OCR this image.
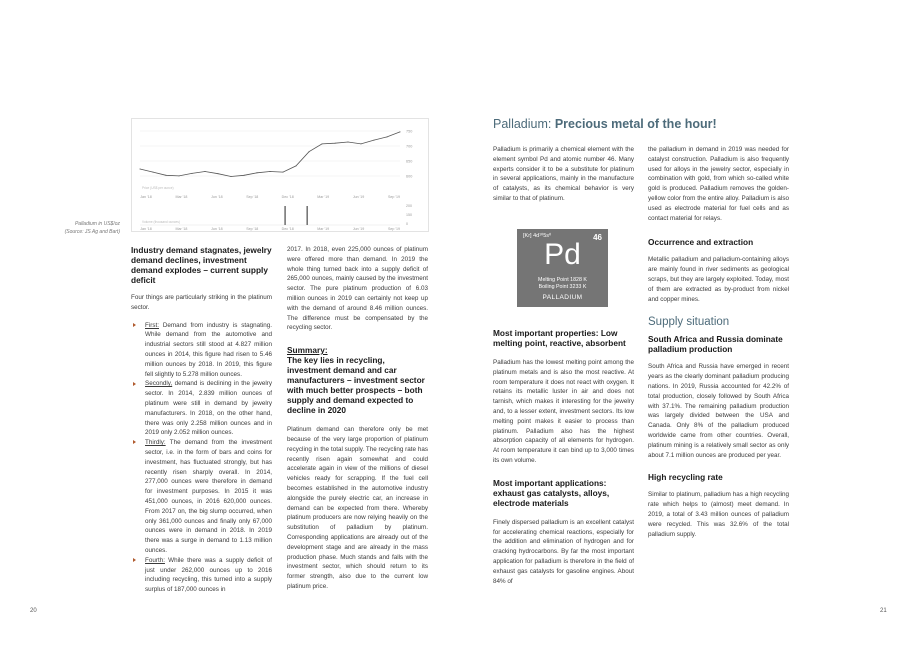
750
700
650
600
Jan '18	Mar '18	Jun '18	Sep '18	Dec '18	Mar '19	Jun '19	Sep '19
Price (US$ per ounce)
200
150
0
Jan '18	Mar '18	Jun '18	Sep '18	Dec '18	Mar '19	Jun '19	Sep '19
Volume (thousand ounces)
Palladium in US$/oz
(Source: JS Ag and Bart)
Industry demand stagnates, jewelry demand declines, investment demand explodes – current supply deficit
Four things are particularly striking in the platinum sector.
First: Demand from industry is stagnating. While demand from the automotive and industrial sectors still stood at 4.827 million ounces in 2014, this figure had risen to 5.46 million ounces by 2018. In 2019, this figure fell slightly to 5.278 million ounces.
Secondly, demand is declining in the jewelry sector. In 2014, 2.839 million ounces of platinum were still in demand by jewelry manufacturers. In 2018, on the other hand, there was only 2.258 million ounces and in 2019 only 2.052 million ounces.
Thirdly: The demand from the investment sector, i.e. in the form of bars and coins for investment, has fluctuated strongly, but has recently risen sharply overall. In 2014, 277,000 ounces were therefore in demand for investment purposes. In 2015 it was 451,000 ounces, in 2016 620,000 ounces. From 2017 on, the big slump occurred, when only 361,000 ounces and finally only 67,000 ounces were in demand in 2018. In 2019 there was a surge in demand to 1.13 million ounces.
Fourth: While there was a supply deficit of just under 262,000 ounces up to 2016 including recycling, this turned into a supply surplus of 187,000 ounces in
2017. In 2018, even 225,000 ounces of platinum were offered more than demand. In 2019 the whole thing turned back into a supply deficit of 265,000 ounces, mainly caused by the investment sector. The pure platinum production of 6.03 million ounces in 2019 can certainly not keep up with the demand of around 8.46 million ounces. The difference must be compensated by the recycling sector.
Summary:
The key lies in recycling, investment demand and car manufacturers – investment sector with much better prospects – both supply and demand expected to decline in 2020
Platinum demand can therefore only be met because of the very large proportion of platinum recycling in the total supply. The recycling rate has recently risen again somewhat and could accelerate again in view of the millions of diesel vehicles ready for scrapping. If the fuel cell becomes established in the automotive industry alongside the purely electric car, an increase in demand can be expected from there. Whereby platinum producers are now relying heavily on the substitution of palladium by platinum. Corresponding applications are already out of the development stage and are already in the mass production phase. Much stands and falls with the investment sector, which should return to its former strength, also due to the current low platinum price.
20
Palladium: Precious metal of the hour!
Palladium is primarily a chemical element with the element symbol Pd and atomic number 46. Many experts consider it to be a substitute for platinum in several applications, mainly in the manufacture of catalysts, as its chemical behavior is very similar to that of platinum.
[Kr] 4d¹⁰5s⁰	46
Pd
Melting Point 1828 K
Boiling Point 3233 K
PALLADIUM
Most important properties: Low melting point, reactive, absorbent
Palladium has the lowest melting point among the platinum metals and is also the most reactive. At room temperature it does not react with oxygen. It retains its metallic luster in air and does not tarnish, which makes it interesting for the jewelry and, to a lesser extent, investment sectors. Its low melting point makes it easier to process than platinum. Palladium also has the highest absorption capacity of all elements for hydrogen. At room temperature it can bind up to 3,000 times its own volume.
Most important applications: exhaust gas catalysts, alloys, electrode materials
Finely dispersed palladium is an excellent catalyst for accelerating chemical reactions, especially for the addition and elimination of hydrogen and for cracking hydrocarbons. By far the most important application for palladium is therefore in the field of exhaust gas catalysts for gasoline engines. About 84% of
the palladium in demand in 2019 was needed for catalyst construction. Palladium is also frequently used for alloys in the jewelry sector, especially in combination with gold, from which so-called white gold is produced. Palladium removes the golden-yellow color from the entire alloy. Palladium is also used as electrode material for fuel cells and as contact material for relays.
Occurrence and extraction
Metallic palladium and palladium-containing alloys are mainly found in river sediments as geological scraps, but they are largely exploited. Today, most of them are extracted as by-product from nickel and copper mines.
Supply situation
South Africa and Russia dominate palladium production
South Africa and Russia have emerged in recent years as the clearly dominant palladium producing nations. In 2019, Russia accounted for 42.2% of total production, closely followed by South Africa with 37.1%. The remaining palladium production was largely divided between the USA and Canada. Only 8% of the palladium produced worldwide came from other countries. Overall, platinum mining is a relatively small sector as only about 7.1 million ounces are produced per year.
High recycling rate
Similar to platinum, palladium has a high recycling rate which helps to (almost) meet demand. In 2019, a total of 3.43 million ounces of palladium were recycled. This was 32.6% of the total palladium supply.
21
